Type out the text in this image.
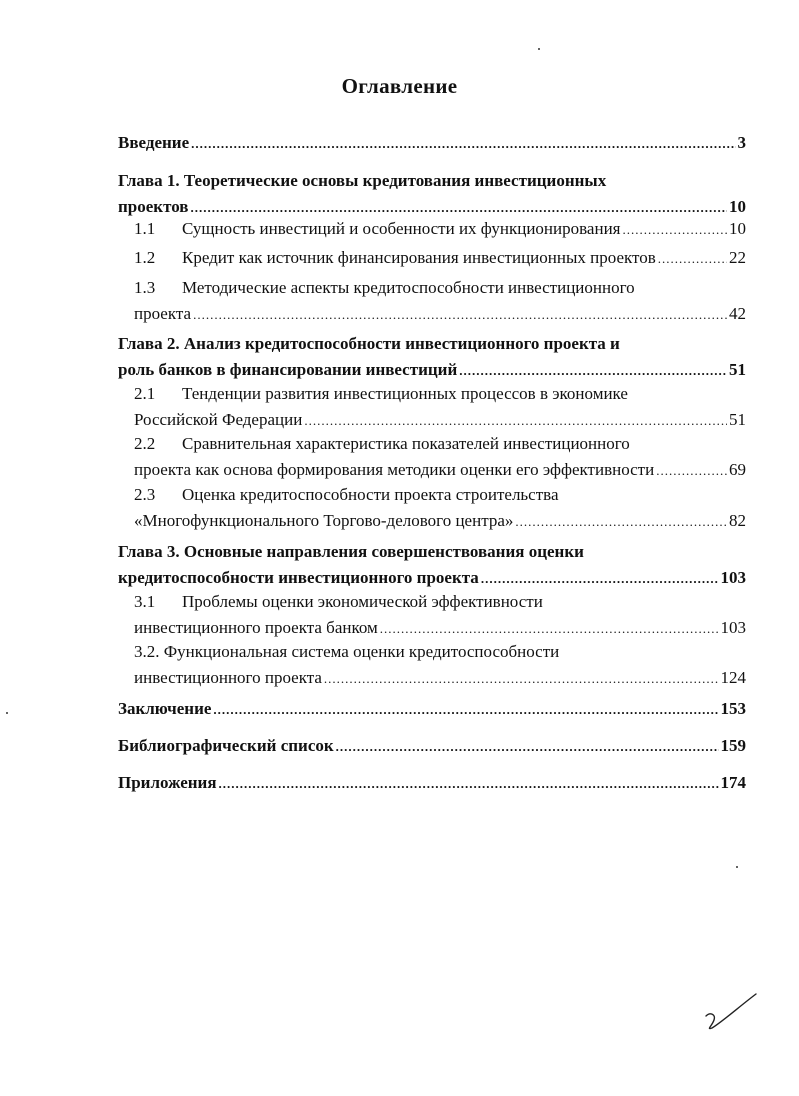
Оглавление
Введение .....	3
Глава 1. Теоретические основы кредитования инвестиционных
проектов .....	10
1.1 Сущность инвестиций и особенности их функционирования .....	10
1.2 Кредит как источник финансирования инвестиционных проектов .....	22
1.3 Методические аспекты кредитоспособности инвестиционного
проекта .....	42
Глава 2. Анализ кредитоспособности инвестиционного проекта и
роль банков в финансировании инвестиций .....	51
2.1 Тенденции развития инвестиционных процессов в экономике
Российской Федерации .....	51
2.2 Сравнительная характеристика показателей инвестиционного
проекта как основа формирования методики оценки его эффективности .....	69
2.3 Оценка кредитоспособности проекта строительства
«Многофункционального Торгово-делового центра» .....	82
Глава 3. Основные направления совершенствования оценки
кредитоспособности инвестиционного проекта .....	103
3.1 Проблемы оценки экономической эффективности
инвестиционного проекта банком .....	103
3.2. Функциональная система оценки кредитоспособности
инвестиционного проекта .....	124
Заключение .....	153
Библиографический список .....	159
Приложения .....	174
